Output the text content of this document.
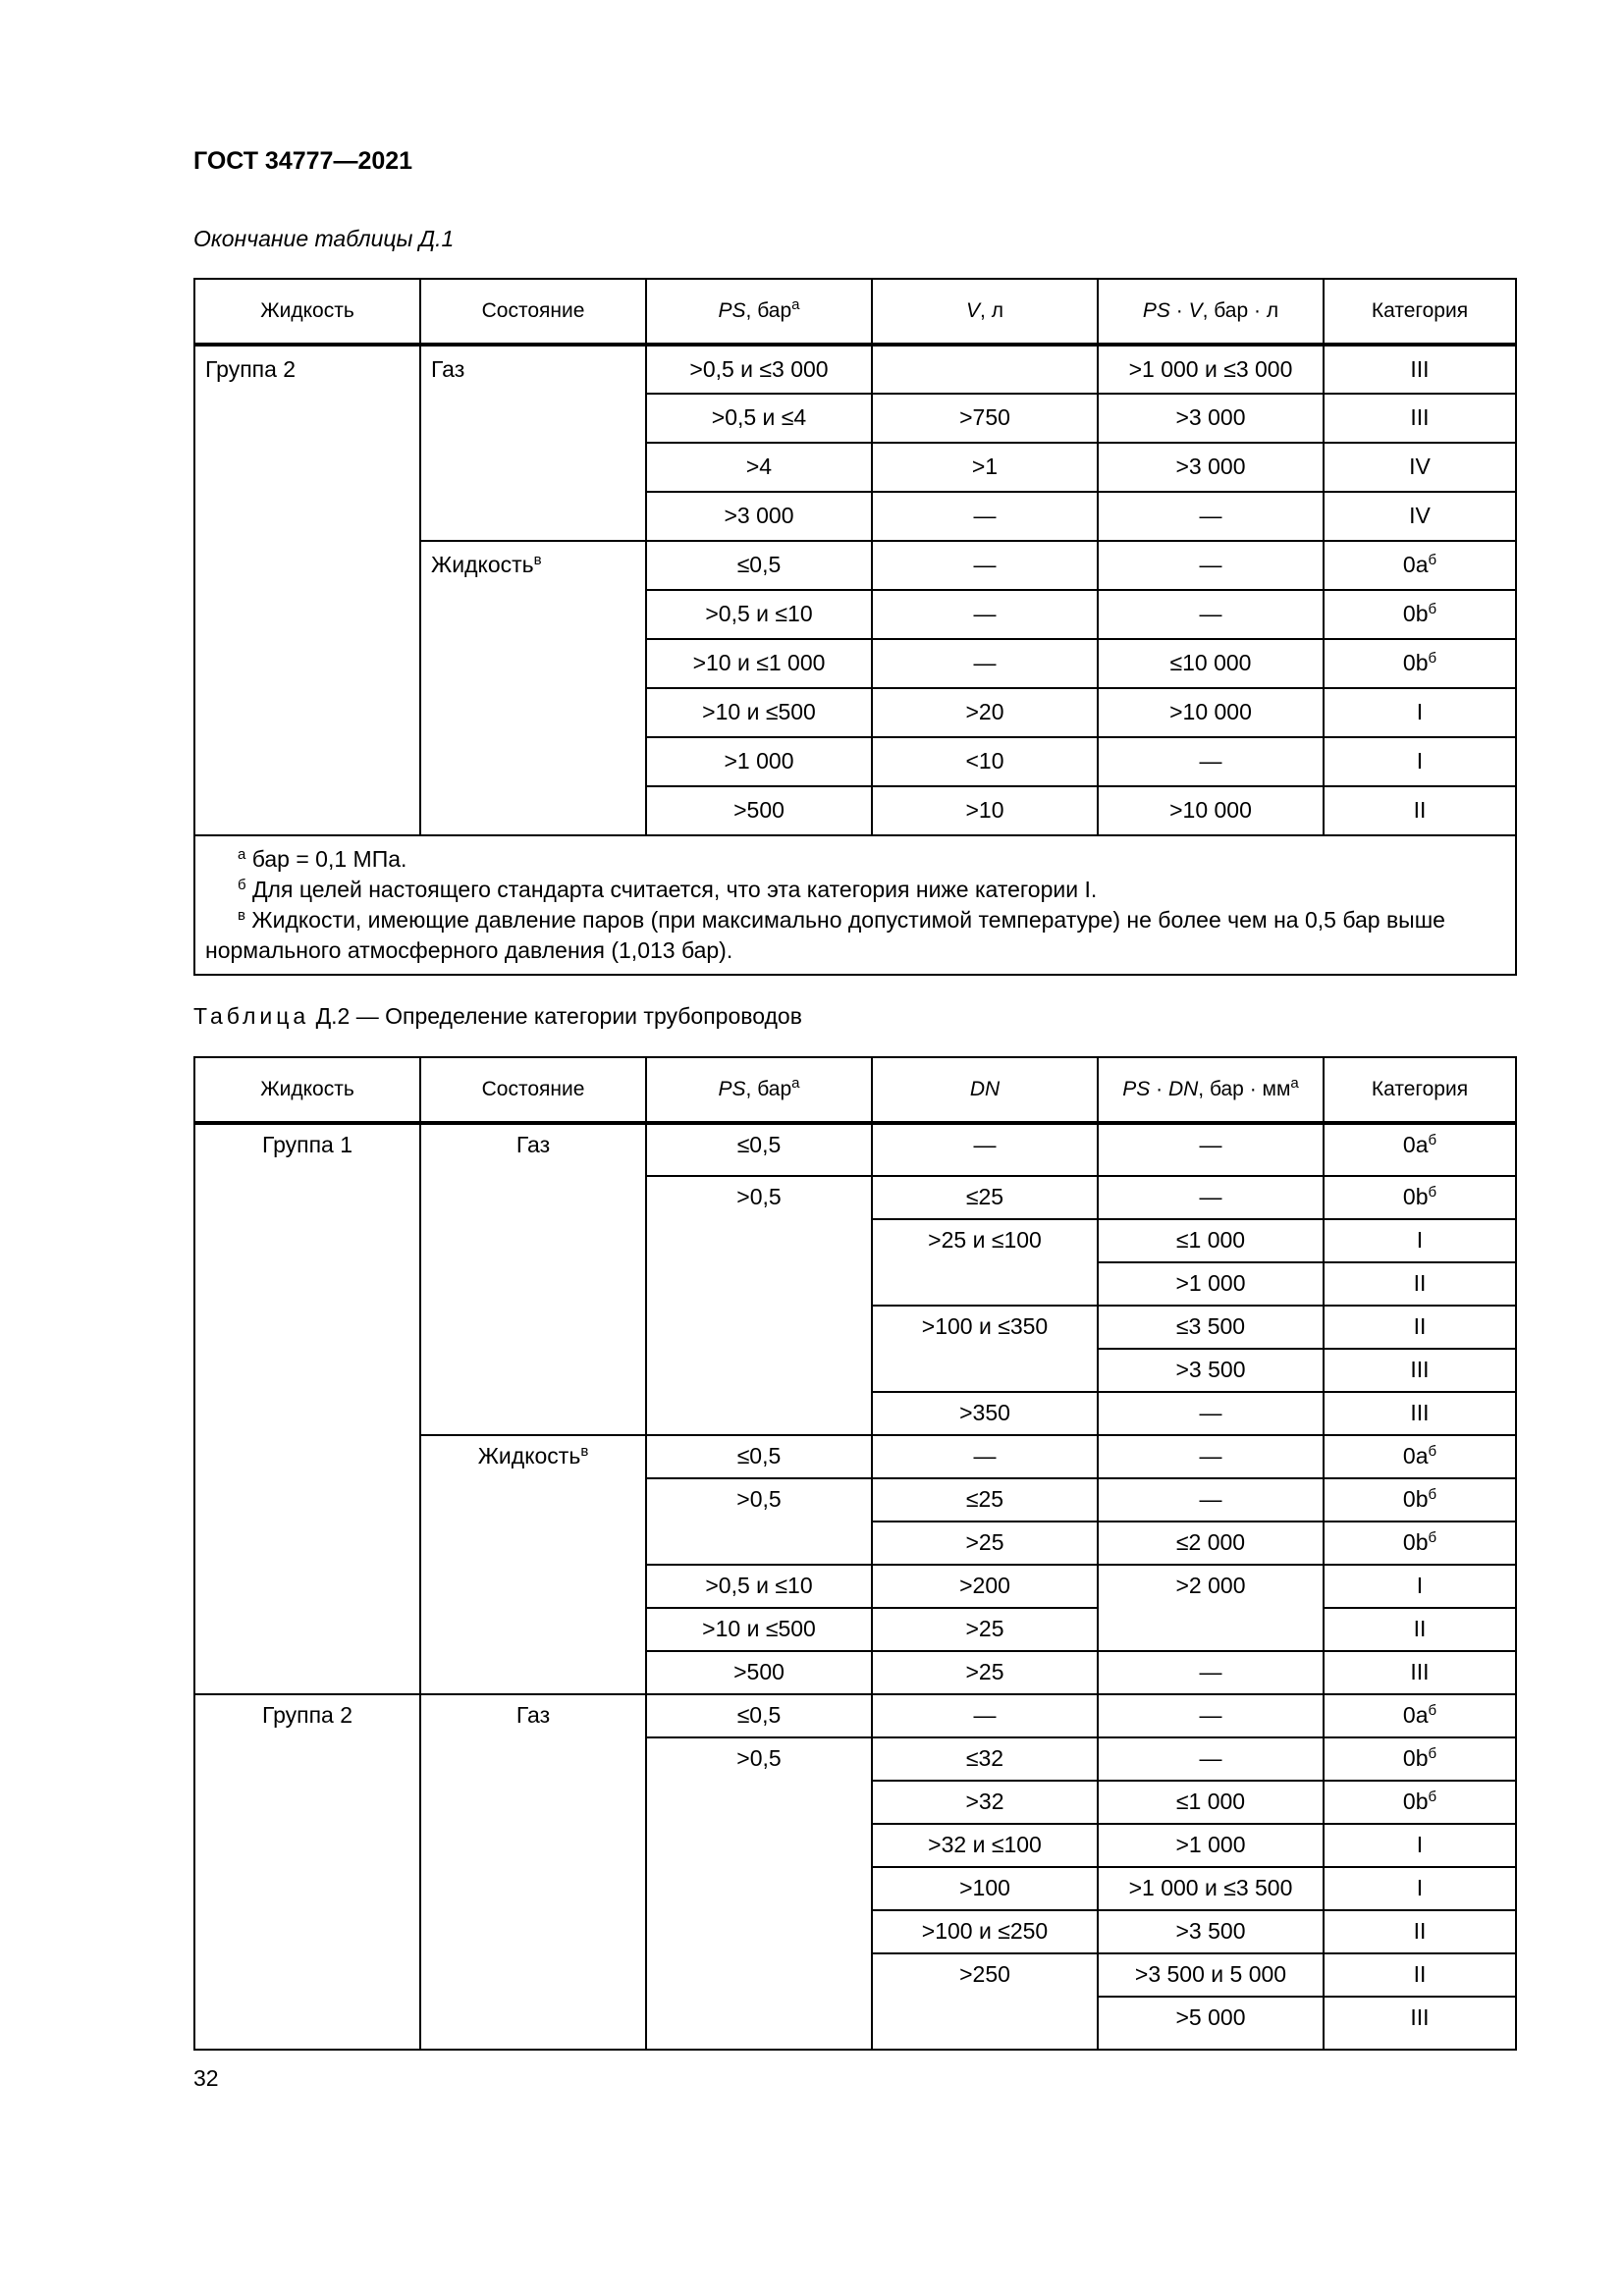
ГОСТ 34777—2021
Окончание таблицы Д.1
Жидкость	Состояние	PS, бар$^a$	V, л	PS · V, бар · л	Категория
Группа 2	Газ	>0,5 и ≤3 000		>1 000 и ≤3 000	III
		>0,5 и ≤4	>750	>3 000	III
		>4	>1	>3 000	IV
		>3 000	—	—	IV
	Жидкость$^в$	≤0,5	—	—	$0a^б$
		>0,5 и ≤10	—	—	$0b^б$
		>10 и ≤1 000	—	≤10 000	$0b^б$
		>10 и ≤500	>20	>10 000	I
		>1 000	<10	—	I
		>500	>10	>10 000	II

$^а$ бар = 0,1 МПа.
$^б$ Для целей настоящего стандарта считается, что эта категория ниже категории I.
$^в$ Жидкости, имеющие давление паров (при максимально допустимой температуре) не более чем на 0,5 бар выше нормального атмосферного давления (1,013 бар).					
Таблица Д.2 — Определение категории трубопроводов
Жидкость	Состояние	PS, бар$^a$	DN	PS · DN, бар · $мм^a$	Категория
Группа 1	Газ	≤0,5	—	—	$0a^б$
		>0,5	≤25	—	$0b^б$
			>25 и ≤100	≤1 000	I
				>1 000	II
			>100 и ≤350	≤3 500	II
				>3 500	III
			>350	—	III
	Жидкость$^в$	≤0,5	—	—	$0a^б$
		>0,5	≤25	—	$0b^б$
			>25	≤2 000	$0b^б$
		>0,5 и ≤10	>200	>2 000	I
		>10 и ≤500	>25		II
		>500	>25	—	III
Группа 2	Газ	≤0,5	—	—	$0a^б$
		>0,5	≤32	—	$0b^б$
			>32	≤1 000	$0b^б$
			>32 и ≤100	>1 000	I
			>100	>1 000 и ≤3 500	I
			>100 и ≤250	>3 500	II
			>250	>3 500 и 5 000	II
				>5 000	III
32
